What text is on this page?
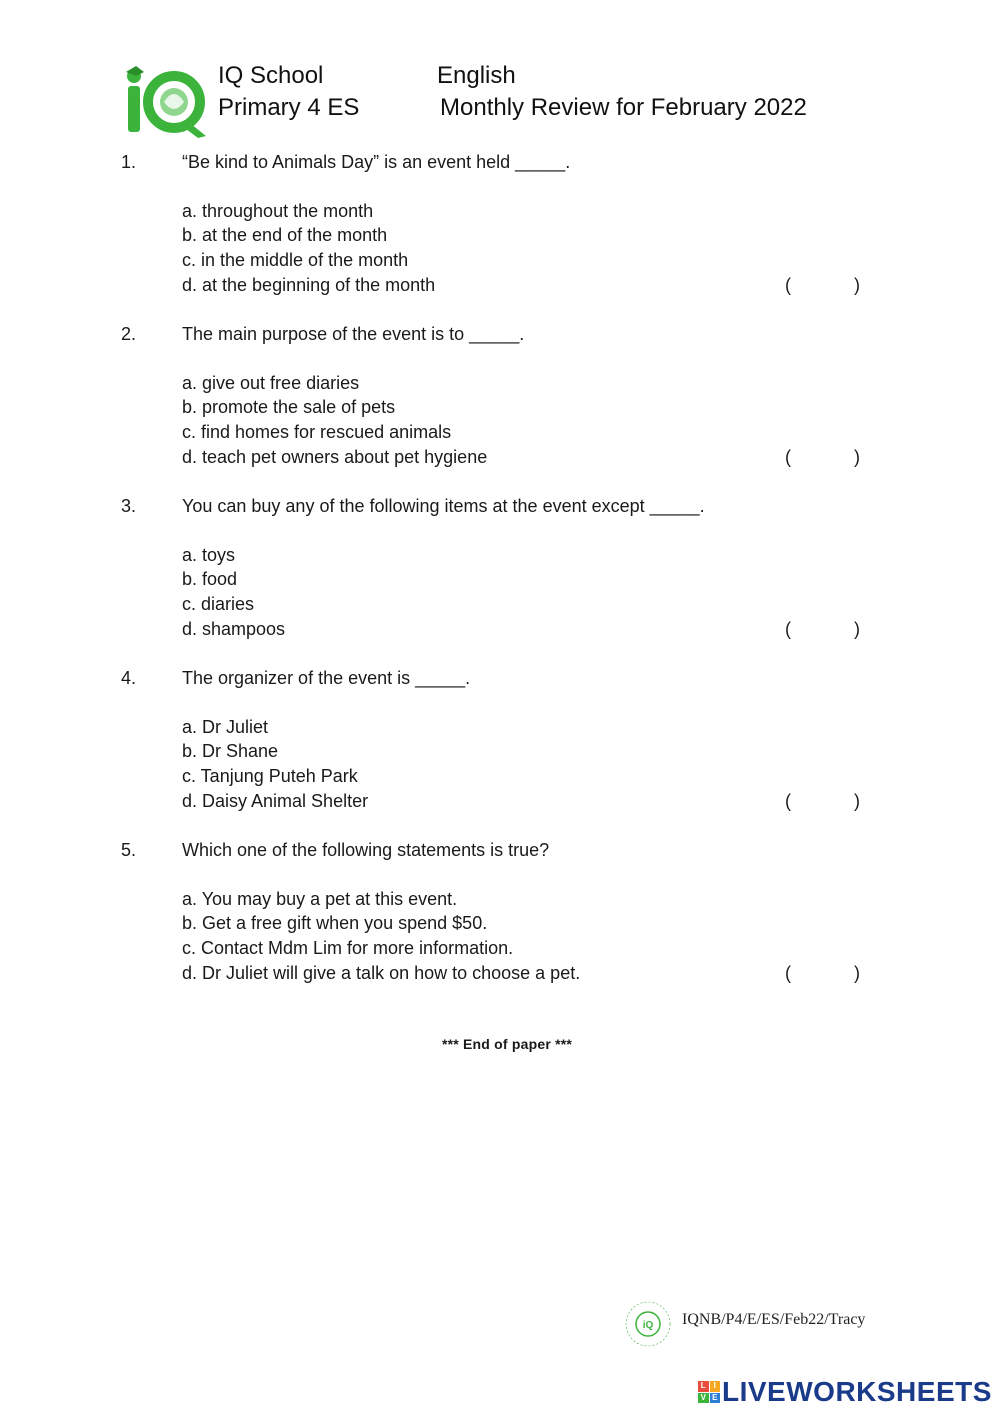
IQ School
Primary 4 ES
English
Monthly Review for February 2022
1.	“Be kind to Animals Day” is an event held _____.
a. throughout the month
b. at the end of the month
c. in the middle of the month
d. at the beginning of the month	(	)
2.	The main purpose of the event is to _____.
a. give out free diaries
b. promote the sale of pets
c. find homes for rescued animals
d. teach pet owners about pet hygiene	(	)
3.	You can buy any of the following items at the event except _____.
a. toys
b. food
c. diaries
d. shampoos	(	)
4.	The organizer of the event is _____.
a. Dr Juliet
b. Dr Shane
c. Tanjung Puteh Park
d. Daisy Animal Shelter	(	)
5.	Which one of the following statements is true?
a. You may buy a pet at this event.
b. Get a free gift when you spend $50.
c. Contact Mdm Lim for more information.
d. Dr Juliet will give a talk on how to choose a pet.	(	)
*** End of paper ***
iQ IQNB/P4/E/ES/Feb22/Tracy
L I
V E LIVEWORKSHEETS
